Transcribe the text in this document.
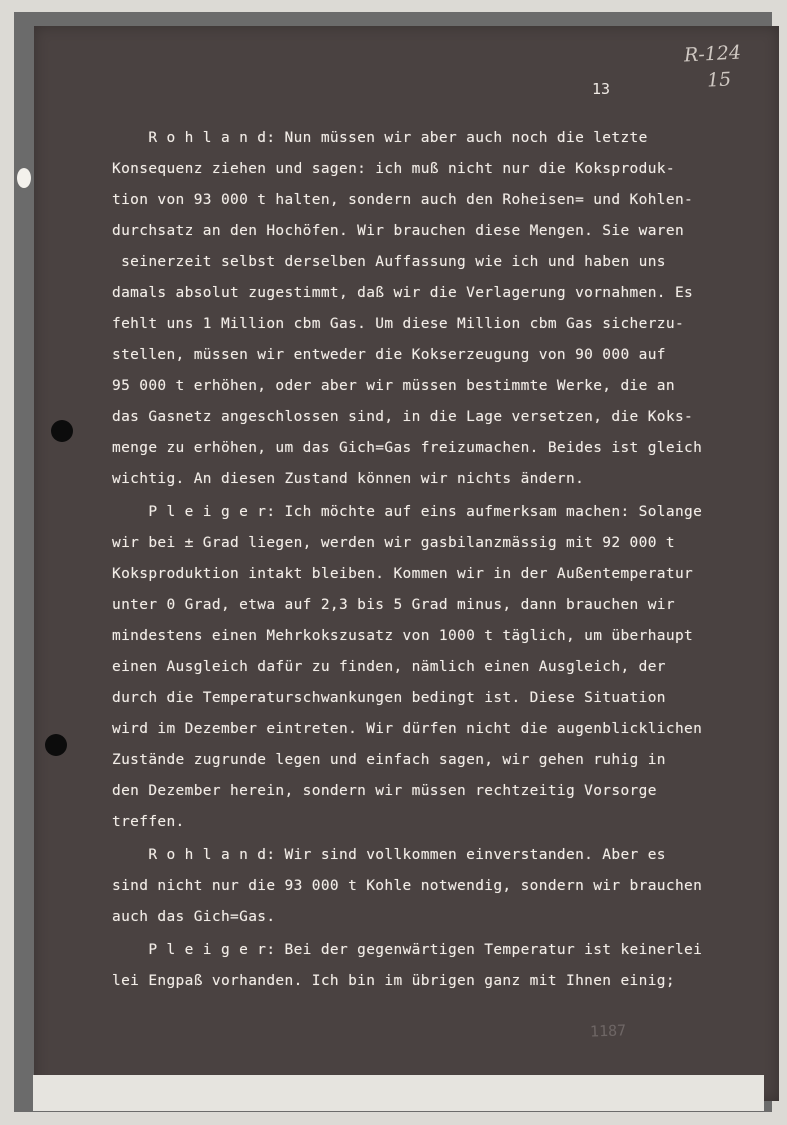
R-124
15
13
R o h l a n d: Nun müssen wir aber auch noch die letzte
Konsequenz ziehen und sagen: ich muß nicht nur die Koksproduk-
tion von 93 000 t halten, sondern auch den Roheisen= und Kohlen-
durchsatz an den Hochöfen. Wir brauchen diese Mengen. Sie waren
seinerzeit selbst derselben Auffassung wie ich und haben uns
damals absolut zugestimmt, daß wir die Verlagerung vornahmen. Es
fehlt uns 1 Million cbm Gas. Um diese Million cbm Gas sicherzu-
stellen, müssen wir entweder die Kokserzeugung von 90 000 auf
95 000 t erhöhen, oder aber wir müssen bestimmte Werke, die an
das Gasnetz angeschlossen sind, in die Lage versetzen, die Koks-
menge zu erhöhen, um das Gich=Gas freizumachen. Beides ist gleich
wichtig. An diesen Zustand können wir nichts ändern.
P l e i g e r: Ich möchte auf eins aufmerksam machen: Solange
wir bei ± Grad liegen, werden wir gasbilanzmässig mit 92 000 t
Koksproduktion intakt bleiben. Kommen wir in der Außentemperatur
unter 0 Grad, etwa auf 2,3 bis 5 Grad minus, dann brauchen wir
mindestens einen Mehrkokszusatz von 1000 t täglich, um überhaupt
einen Ausgleich dafür zu finden, nämlich einen Ausgleich, der
durch die Temperaturschwankungen bedingt ist. Diese Situation
wird im Dezember eintreten. Wir dürfen nicht die augenblicklichen
Zustände zugrunde legen und einfach sagen, wir gehen ruhig in
den Dezember herein, sondern wir müssen rechtzeitig Vorsorge
treffen.
R o h l a n d: Wir sind vollkommen einverstanden. Aber es
sind nicht nur die 93 000 t Kohle notwendig, sondern wir brauchen
auch das Gich=Gas.
P l e i g e r: Bei der gegenwärtigen Temperatur ist keinerlei
lei Engpaß vorhanden. Ich bin im übrigen ganz mit Ihnen einig;
1187
